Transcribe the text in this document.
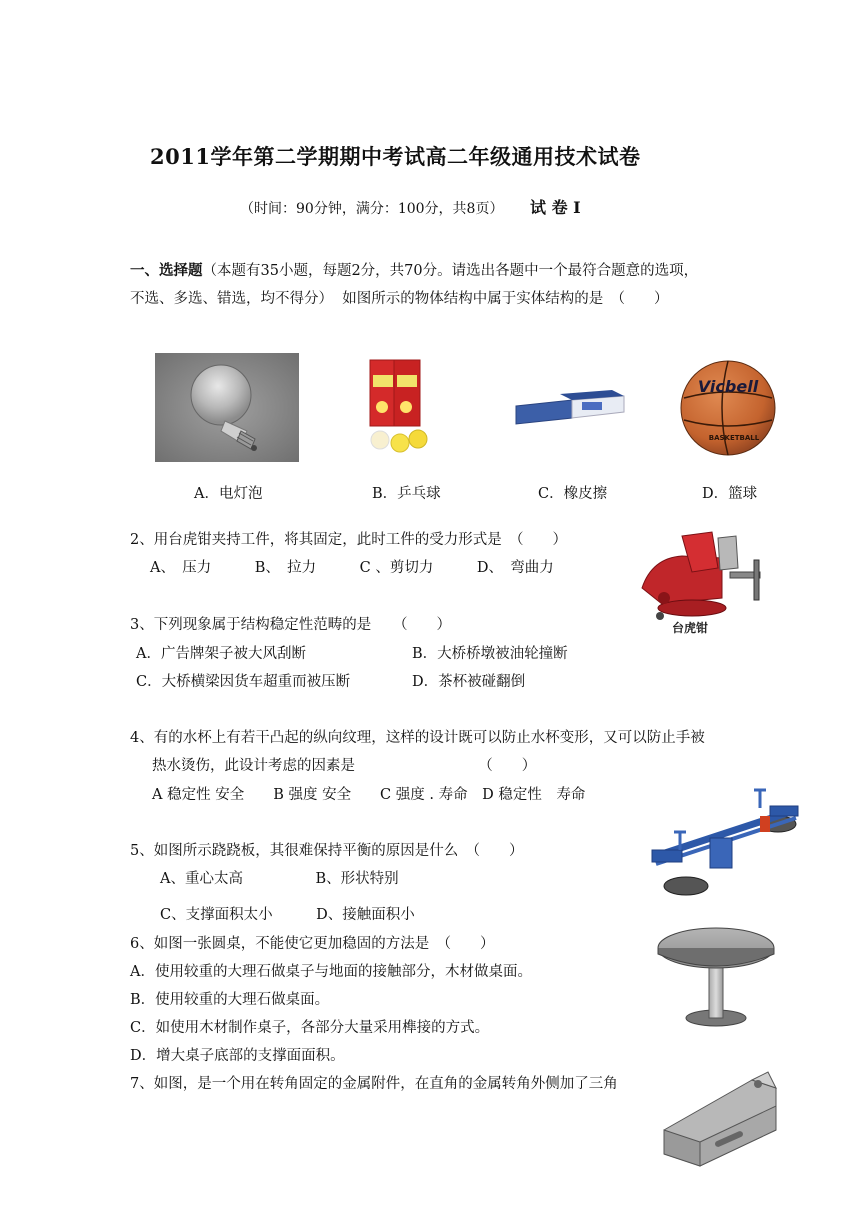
2011学年第二学期期中考试高二年级通用技术试卷
（时间：90分钟，满分：100分，共8页） 试 卷 Ⅰ
一、选择题（本题有35小题，每题2分，共70分。请选出各题中一个最符合题意的选项，
不选、多选、错选，均不得分） 如图所示的物体结构中属于实体结构的是　（　　）
Vicbell
BASKETBALL
A．电灯泡	B．乒乓球	C．橡皮擦	D．篮球
2、用台虎钳夹持工件，将其固定，此时工件的受力形式是　（　　）
A、　压力　　　B、　拉力　　　C 、剪切力　　　D、　弯曲力
台虎钳
3、下列现象属于结构稳定性范畴的是　　（　　）
A．广告牌架子被大风刮断	B．大桥桥墩被油轮撞断
C．大桥横梁因货车超重而被压断	D．茶杯被碰翻倒
4、有的水杯上有若干凸起的纵向纹理，这样的设计既可以防止水杯变形，又可以防止手被
热水烫伤，此设计考虑的因素是　　　　　　　　　（　　）
A 稳定性 安全　　B 强度 安全　　C 强度 . 寿命　D 稳定性　寿命
5、如图所示跷跷板，其很难保持平衡的原因是什么　（　　）
A、重心太高　　　　　B、形状特别
C、支撑面积太小　　　D、接触面积小
6、如图一张圆桌，不能使它更加稳固的方法是　（　　）
A．使用较重的大理石做桌子与地面的接触部分，木材做桌面。
B．使用较重的大理石做桌面。
C．如使用木材制作桌子，各部分大量采用榫接的方式。
D．增大桌子底部的支撑面面积。
7、如图，是一个用在转角固定的金属附件，在直角的金属转角外侧加了三角
